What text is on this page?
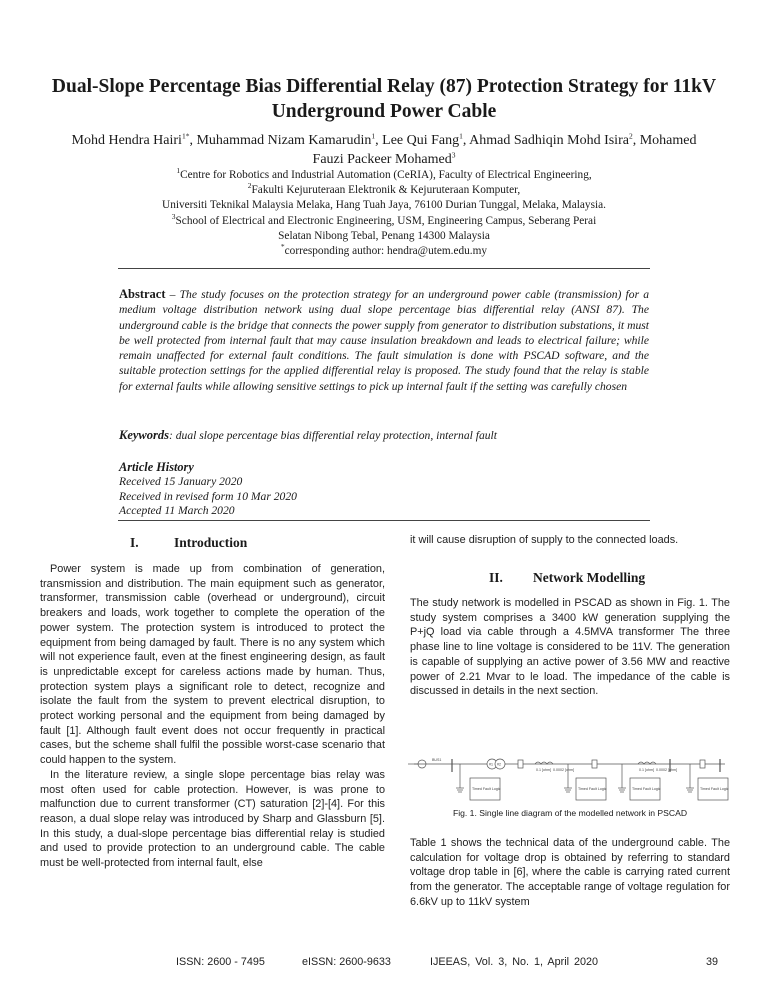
Dual-Slope Percentage Bias Differential Relay (87) Protection Strategy for 11kV Underground Power Cable
Mohd Hendra Hairi$^{1*}$, Muhammad Nizam Kamarudin$^1$, Lee Qui Fang$^1$, Ahmad Sadhiqin Mohd Isira$^2$, Mohamed Fauzi Packeer Mohamed$^3$
$^1$Centre for Robotics and Industrial Automation (CeRIA), Faculty of Electrical Engineering,
$^2$Fakulti Kejuruteraan Elektronik & Kejuruteraan Komputer,
Universiti Teknikal Malaysia Melaka, Hang Tuah Jaya, 76100 Durian Tunggal, Melaka, Malaysia.
$^3$School of Electrical and Electronic Engineering, USM, Engineering Campus, Seberang Perai
Selatan Nibong Tebal, Penang 14300 Malaysia
*corresponding author: hendra@utem.edu.my
Abstract – The study focuses on the protection strategy for an underground power cable (transmission) for a medium voltage distribution network using dual slope percentage bias differential relay (ANSI 87). The underground cable is the bridge that connects the power supply from generator to distribution substations, it must be well protected from internal fault that may cause insulation breakdown and leads to electrical failure; while remain unaffected for external fault conditions. The fault simulation is done with PSCAD software, and the suitable protection settings for the applied differential relay is proposed. The study found that the relay is stable for external faults while allowing sensitive settings to pick up internal fault if the setting was carefully chosen
Keywords: dual slope percentage bias differential relay protection, internal fault
Article History
Received 15 January 2020
Received in revised form 10 Mar 2020
Accepted 11 March 2020
I.	Introduction

Power system is made up from combination of generation, transmission and distribution. The main equipment such as generator, transformer, transmission cable (overhead or underground), circuit breakers and loads, work together to complete the operation of the power system. The protection system is introduced to protect the equipment from being damaged by fault. There is no any system which will not experience fault, even at the finest engineering design, as fault is unpredictable except for careless actions made by human. Thus, protection system plays a significant role to detect, recognize and isolate the fault from the system to prevent electrical disruption, to protect working personal and the equipment from being damaged by fault [1]. Although fault event does not occur frequently in practical cases, but the scheme shall fulfil the possible worst-case scenario that could happen to the system.

In the literature review, a single slope percentage bias relay was most often used for cable protection. However, is was prone to malfunction due to current transformer (CT) saturation [2]-[4]. For this reason, a dual slope relay was introduced by Sharp and Glassburn [5]. In this study, a dual-slope percentage bias differential relay is studied and used to provide protection to an underground cable. The cable must be well-protected from internal fault, else

it will cause disruption of supply to the connected loads.

II. Network Modelling

The study network is modelled in PSCAD as shown in Fig. 1. The study system comprises a 3400 kW generation supplying the P+jQ load via cable through a 4.5MVA transformer The three phase line to line voltage is considered to be 11V. The generation is capable of supplying an active power of 3.56 MW and reactive power of 2.21 Mvar to le load. The impedance of the cable is discussed in details in the next section.

BUS1
#1 #2
0.1 [ohm] 0.0002 [ohm]	0.1 [ohm] 0.0002 [ohm]
Timed Fault Logic	Timed Fault Logic	Timed Fault Logic	Timed Fault Logic
Fig. 1. Single line diagram of the modelled network in PSCAD

Table 1 shows the technical data of the underground cable. The calculation for voltage drop is obtained by referring to standard voltage drop table in [6], where the cable is carrying rated current from the generator. The acceptable range of voltage regulation for 6.6kV up to 11kV system

ISSN: 2600 - 7495	eISSN: 2600-9633	IJEEAS, Vol. 3, No. 1, April 2020	39
